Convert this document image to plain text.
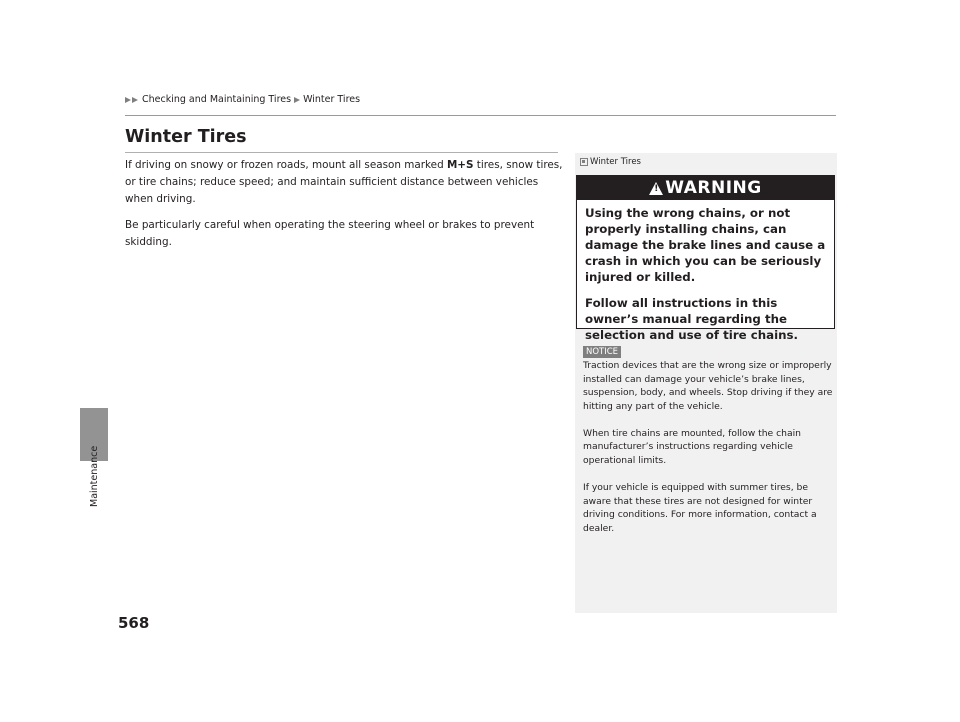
Checking and Maintaining Tires Winter Tires
Maintenance
Winter Tires

If driving on snowy or frozen roads, mount all season marked M+S tires, snow tires, or tire chains; reduce speed; and maintain sufficient distance between vehicles when driving.

Be particularly careful when operating the steering wheel or brakes to prevent skidding.

Winter Tires
! WARNING

Using the wrong chains, or not properly installing chains, can damage the brake lines and cause a crash in which you can be seriously injured or killed.

Follow all instructions in this owner’s manual regarding the selection and use of tire chains.

NOTICE

Traction devices that are the wrong size or improperly installed can damage your vehicle’s brake lines, suspension, body, and wheels. Stop driving if they are hitting any part of the vehicle.

When tire chains are mounted, follow the chain manufacturer’s instructions regarding vehicle operational limits.

If your vehicle is equipped with summer tires, be aware that these tires are not designed for winter driving conditions. For more information, contact a dealer.

568
